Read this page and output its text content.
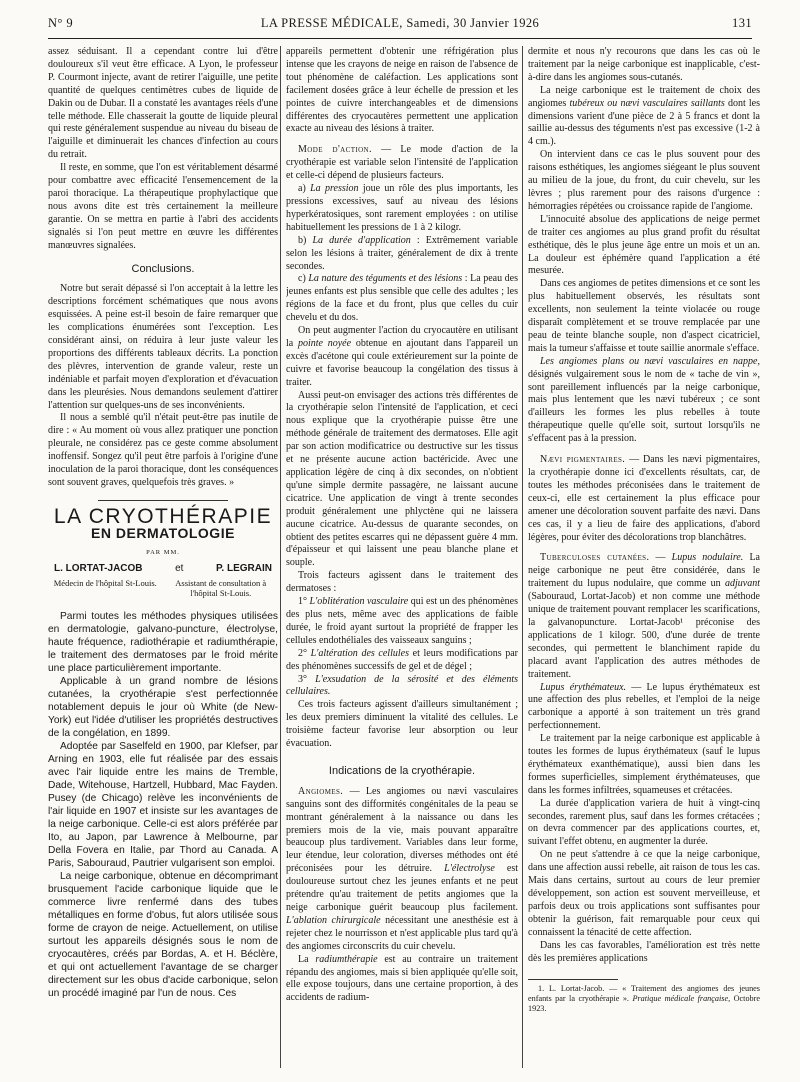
N° 9	LA PRESSE MÉDICALE, Samedi, 30 Janvier 1926	131

assez séduisant. Il a cependant contre lui d'être douloureux s'il veut être efficace. A Lyon, le professeur P. Courmont injecte, avant de retirer l'aiguille, une petite quantité de quelques centimètres cubes de liquide de Dakin ou de Dubar. Il a constaté les avantages réels d'une telle méthode. Elle chasserait la goutte de liquide pleural qui reste généralement suspendue au niveau du biseau de l'aiguille et diminuerait les chances d'infection au cours du retrait.

Il reste, en somme, que l'on est véritablement désarmé pour combattre avec efficacité l'ensemencement de la paroi thoracique. La thérapeutique prophylactique que nous avons dite est très certainement la meilleure garantie. On se mettra en partie à l'abri des accidents signalés si l'on peut mettre en œuvre les différentes manœuvres signalées.

Conclusions.

Notre but serait dépassé si l'on acceptait à la lettre les descriptions forcément schématiques que nous avons esquissées. A peine est-il besoin de faire remarquer que les complications énumérées sont l'exception. Les considérant ainsi, on réduira à leur juste valeur les proportions des différents tableaux décrits. La ponction des plèvres, intervention de grande valeur, reste un indéniable et parfait moyen d'exploration et d'évacuation dans les pleurésies. Nous demandons seulement d'attirer l'attention sur quelques-uns de ses inconvénients.

Il nous a semblé qu'il n'était peut-être pas inutile de dire : « Au moment où vous allez pratiquer une ponction pleurale, ne considérez pas ce geste comme absolument inoffensif. Songez qu'il peut être parfois à l'origine d'une inoculation de la paroi thoracique, dont les conséquences sont souvent graves, quelquefois très graves. »

LA CRYOTHÉRAPIE
EN DERMATOLOGIE
PAR MM.
L. LORTAT-JACOB	et	P. LEGRAIN
Médecin de l'hôpital St-Louis.	Assistant de consultation à l'hôpital St-Louis.

Parmi toutes les méthodes physiques utilisées en dermatologie, galvano-puncture, électrolyse, haute fréquence, radiothérapie et radiumthérapie, le traitement des dermatoses par le froid mérite une place particulièrement importante.

Applicable à un grand nombre de lésions cutanées, la cryothérapie s'est perfectionnée notablement depuis le jour où White (de New-York) eut l'idée d'utiliser les propriétés destructives de la congélation, en 1899.

Adoptée par Saselfeld en 1900, par Klefser, par Arning en 1903, elle fut réalisée par des essais avec l'air liquide entre les mains de Tremble, Dade, Witehouse, Hartzell, Hubbard, Mac Fayden. Pusey (de Chicago) relève les inconvénients de l'air liquide en 1907 et insiste sur les avantages de la neige carbonique. Celle-ci est alors préférée par Ito, au Japon, par Lawrence à Melbourne, par Della Fovera en Italie, par Thord au Canada. A Paris, Sabouraud, Pautrier vulgarisent son emploi.

La neige carbonique, obtenue en décomprimant brusquement l'acide carbonique liquide que le commerce livre renfermé dans des tubes métalliques en forme d'obus, fut alors utilisée sous forme de crayon de neige. Actuellement, on utilise surtout les appareils désignés sous le nom de cryocautères, créés par Bordas, A. et H. Béclère, et qui ont actuellement l'avantage de se charger directement sur les obus d'acide carbonique, selon un procédé imaginé par l'un de nous. Ces

appareils permettent d'obtenir une réfrigération plus intense que les crayons de neige en raison de l'absence de tout phénomène de caléfaction. Les applications sont facilement dosées grâce à leur échelle de pression et les pointes de cuivre interchangeables et de dimensions différentes des cryocautères permettent une application exacte au niveau des lésions à traiter.

Mode d'action. — Le mode d'action de la cryothérapie est variable selon l'intensité de l'application et celle-ci dépend de plusieurs facteurs.

a) La pression joue un rôle des plus importants, les pressions excessives, sauf au niveau des lésions hyperkératosiques, sont rarement employées : on utilise habituellement les pressions de 1 à 2 kilogr.

b) La durée d'application : Extrêmement variable selon les lésions à traiter, généralement de dix à trente secondes.

c) La nature des téguments et des lésions : La peau des jeunes enfants est plus sensible que celle des adultes ; les régions de la face et du front, plus que celles du cuir chevelu et du dos.

On peut augmenter l'action du cryocautère en utilisant la pointe noyée obtenue en ajoutant dans l'appareil un excès d'acétone qui coule extérieurement sur la pointe de cuivre et favorise beaucoup la congélation des tissus à traiter.

Aussi peut-on envisager des actions très différentes de la cryothérapie selon l'intensité de l'application, et ceci nous explique que la cryothérapie puisse être une méthode générale de traitement des dermatoses. Elle agit par son action modificatrice ou destructive sur les tissus et ne présente aucune action bactéricide. Avec une application légère de cinq à dix secondes, on n'obtient qu'une simple dermite passagère, ne laissant aucune cicatrice. Une application de vingt à trente secondes produit généralement une phlyctène qui ne laissera aucune cicatrice. Au-dessus de quarante secondes, on obtient des petites escarres qui ne dépassent guère 4 mm. d'épaisseur et qui laissent une peau blanche plane et souple.

Trois facteurs agissent dans le traitement des dermatoses :

1° L'oblitération vasculaire qui est un des phénomènes des plus nets, même avec des applications de faible durée, le froid ayant surtout la propriété de frapper les cellules endothéliales des vaisseaux sanguins ;

2° L'altération des cellules et leurs modifications par des phénomènes successifs de gel et de dégel ;

3° L'exsudation de la sérosité et des éléments cellulaires.

Ces trois facteurs agissent d'ailleurs simultanément ; les deux premiers diminuent la vitalité des cellules. Le troisième facteur favorise leur absorption ou leur évacuation.

Indications de la cryothérapie.

Angiomes. — Les angiomes ou nævi vasculaires sanguins sont des difformités congénitales de la peau se montrant généralement à la naissance ou dans les premiers mois de la vie, mais pouvant apparaître beaucoup plus tardivement. Variables dans leur forme, leur étendue, leur coloration, diverses méthodes ont été préconisées pour les détruire. L'électrolyse est douloureuse surtout chez les jeunes enfants et ne peut prétendre qu'au traitement de petits angiomes que la neige carbonique guérit beaucoup plus facilement. L'ablation chirurgicale nécessitant une anesthésie est à rejeter chez le nourrisson et n'est applicable plus tard qu'à des angiomes circonscrits du cuir chevelu.

La radiumthérapie est au contraire un traitement répandu des angiomes, mais si bien appliquée qu'elle soit, elle expose toujours, dans une certaine proportion, à des accidents de radium-

dermite et nous n'y recourons que dans les cas où le traitement par la neige carbonique est inapplicable, c'est-à-dire dans les angiomes sous-cutanés.

La neige carbonique est le traitement de choix des angiomes tubéreux ou nævi vasculaires saillants dont les dimensions varient d'une pièce de 2 à 5 francs et dont la saillie au-dessus des téguments n'est pas excessive (1-2 à 4 cm.).

On intervient dans ce cas le plus souvent pour des raisons esthétiques, les angiomes siégeant le plus souvent au milieu de la joue, du front, du cuir chevelu, sur les lèvres ; plus rarement pour des raisons d'urgence : hémorragies répétées ou croissance rapide de l'angiome.

L'innocuité absolue des applications de neige permet de traiter ces angiomes au plus grand profit du résultat esthétique, dès le plus jeune âge entre un mois et un an. La douleur est éphémère quand l'application a été mesurée.

Dans ces angiomes de petites dimensions et ce sont les plus habituellement observés, les résultats sont excellents, non seulement la teinte violacée ou rouge disparaît complètement et se trouve remplacée par une peau de teinte blanche souple, non d'aspect cicatriciel, mais la tumeur s'affaisse et toute saillie anormale s'efface.

Les angiomes plans ou nævi vasculaires en nappe, désignés vulgairement sous le nom de « tache de vin », sont pareillement influencés par la neige carbonique, mais plus lentement que les nævi tubéreux ; ce sont d'ailleurs les formes les plus rebelles à toute thérapeutique quelle qu'elle soit, surtout lorsqu'ils ne s'effacent pas à la pression.

Nævi pigmentaires. — Dans les nævi pigmentaires, la cryothérapie donne ici d'excellents résultats, car, de toutes les méthodes préconisées dans le traitement de ceux-ci, elle est certainement la plus efficace pour amener une décoloration souvent parfaite des nævi. Dans ces cas, il y a lieu de faire des applications, d'abord légères, pour éviter des décolorations trop blanchâtres.

Tuberculoses cutanées. — Lupus nodulaire. La neige carbonique ne peut être considérée, dans le traitement du lupus nodulaire, que comme un adjuvant (Sabouraud, Lortat-Jacob) et non comme une méthode unique de traitement pouvant remplacer les scarifications, la galvanopuncture. Lortat-Jacob¹ préconise des applications de 1 kilogr. 500, d'une durée de trente secondes, qui permettent le blanchiment rapide du placard avant l'application des autres méthodes de traitement.

Lupus érythémateux. — Le lupus érythémateux est une affection des plus rebelles, et l'emploi de la neige carbonique a apporté à son traitement un très grand perfectionnement.

Le traitement par la neige carbonique est applicable à toutes les formes de lupus érythémateux (sauf le lupus érythémateux exanthématique), aussi bien dans les formes superficielles, simplement érythémateuses, que dans les formes infiltrées, squameuses et crétacées.

La durée d'application variera de huit à vingt-cinq secondes, rarement plus, sauf dans les formes crétacées ; on devra commencer par des applications courtes, et, suivant l'effet obtenu, en augmenter la durée.

On ne peut s'attendre à ce que la neige carbonique, dans une affection aussi rebelle, ait raison de tous les cas. Mais dans certains, surtout au cours de leur premier développement, son action est souvent merveilleuse, et parfois deux ou trois applications sont suffisantes pour obtenir la guérison, fait remarquable pour ceux qui connaissent la ténacité de cette affection.

Dans les cas favorables, l'amélioration est très nette dès les premières applications

1. L. Lortat-Jacob. — « Traitement des angiomes des jeunes enfants par la cryothérapie ». Pratique médicale française, Octobre 1923.
